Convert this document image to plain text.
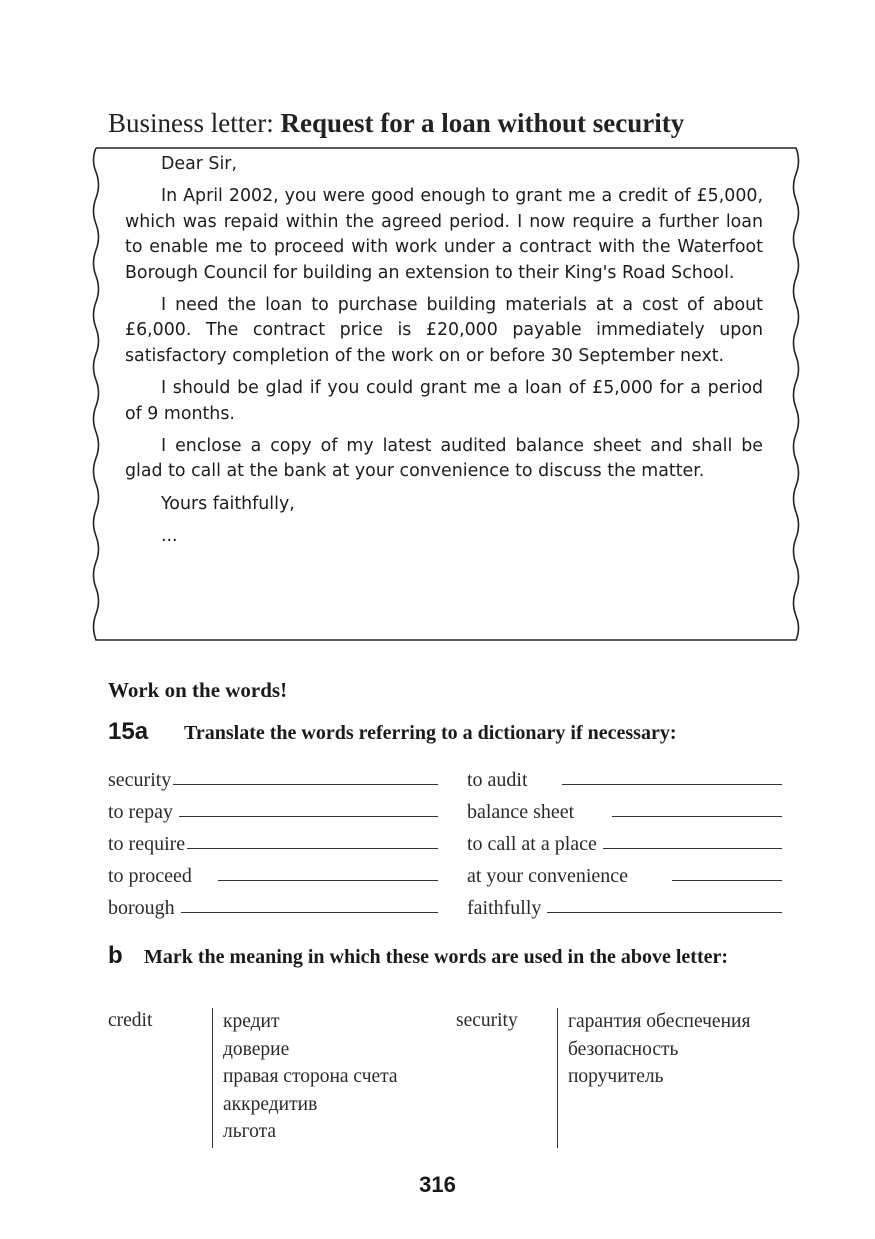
Business letter: Request for a loan without security

Dear Sir,

In April 2002, you were good enough to grant me a credit of £5,000, which was repaid within the agreed period. I now require a further loan to enable me to proceed with work under a contract with the Waterfoot Borough Council for building an extension to their King's Road School.

I need the loan to purchase building materials at a cost of about £6,000. The contract price is £20,000 payable immediately upon satisfactory completion of the work on or before 30 September next.

I should be glad if you could grant me a loan of £5,000 for a period of 9 months.

I enclose a copy of my latest audited balance sheet and shall be glad to call at the bank at your convenience to discuss the matter.

Yours faithfully,

...

Work on the words!
15a Translate the words referring to a dictionary if necessary:
security
to repay
to require
to proceed
borough
to audit
balance sheet
to call at a place
at your convenience
faithfully
b Mark the meaning in which these words are used in the above letter:
credit	кредит
доверие
правая сторона счета
аккредитив
льгота
security	гарантия обеспечения
безопасность
поручитель
316
